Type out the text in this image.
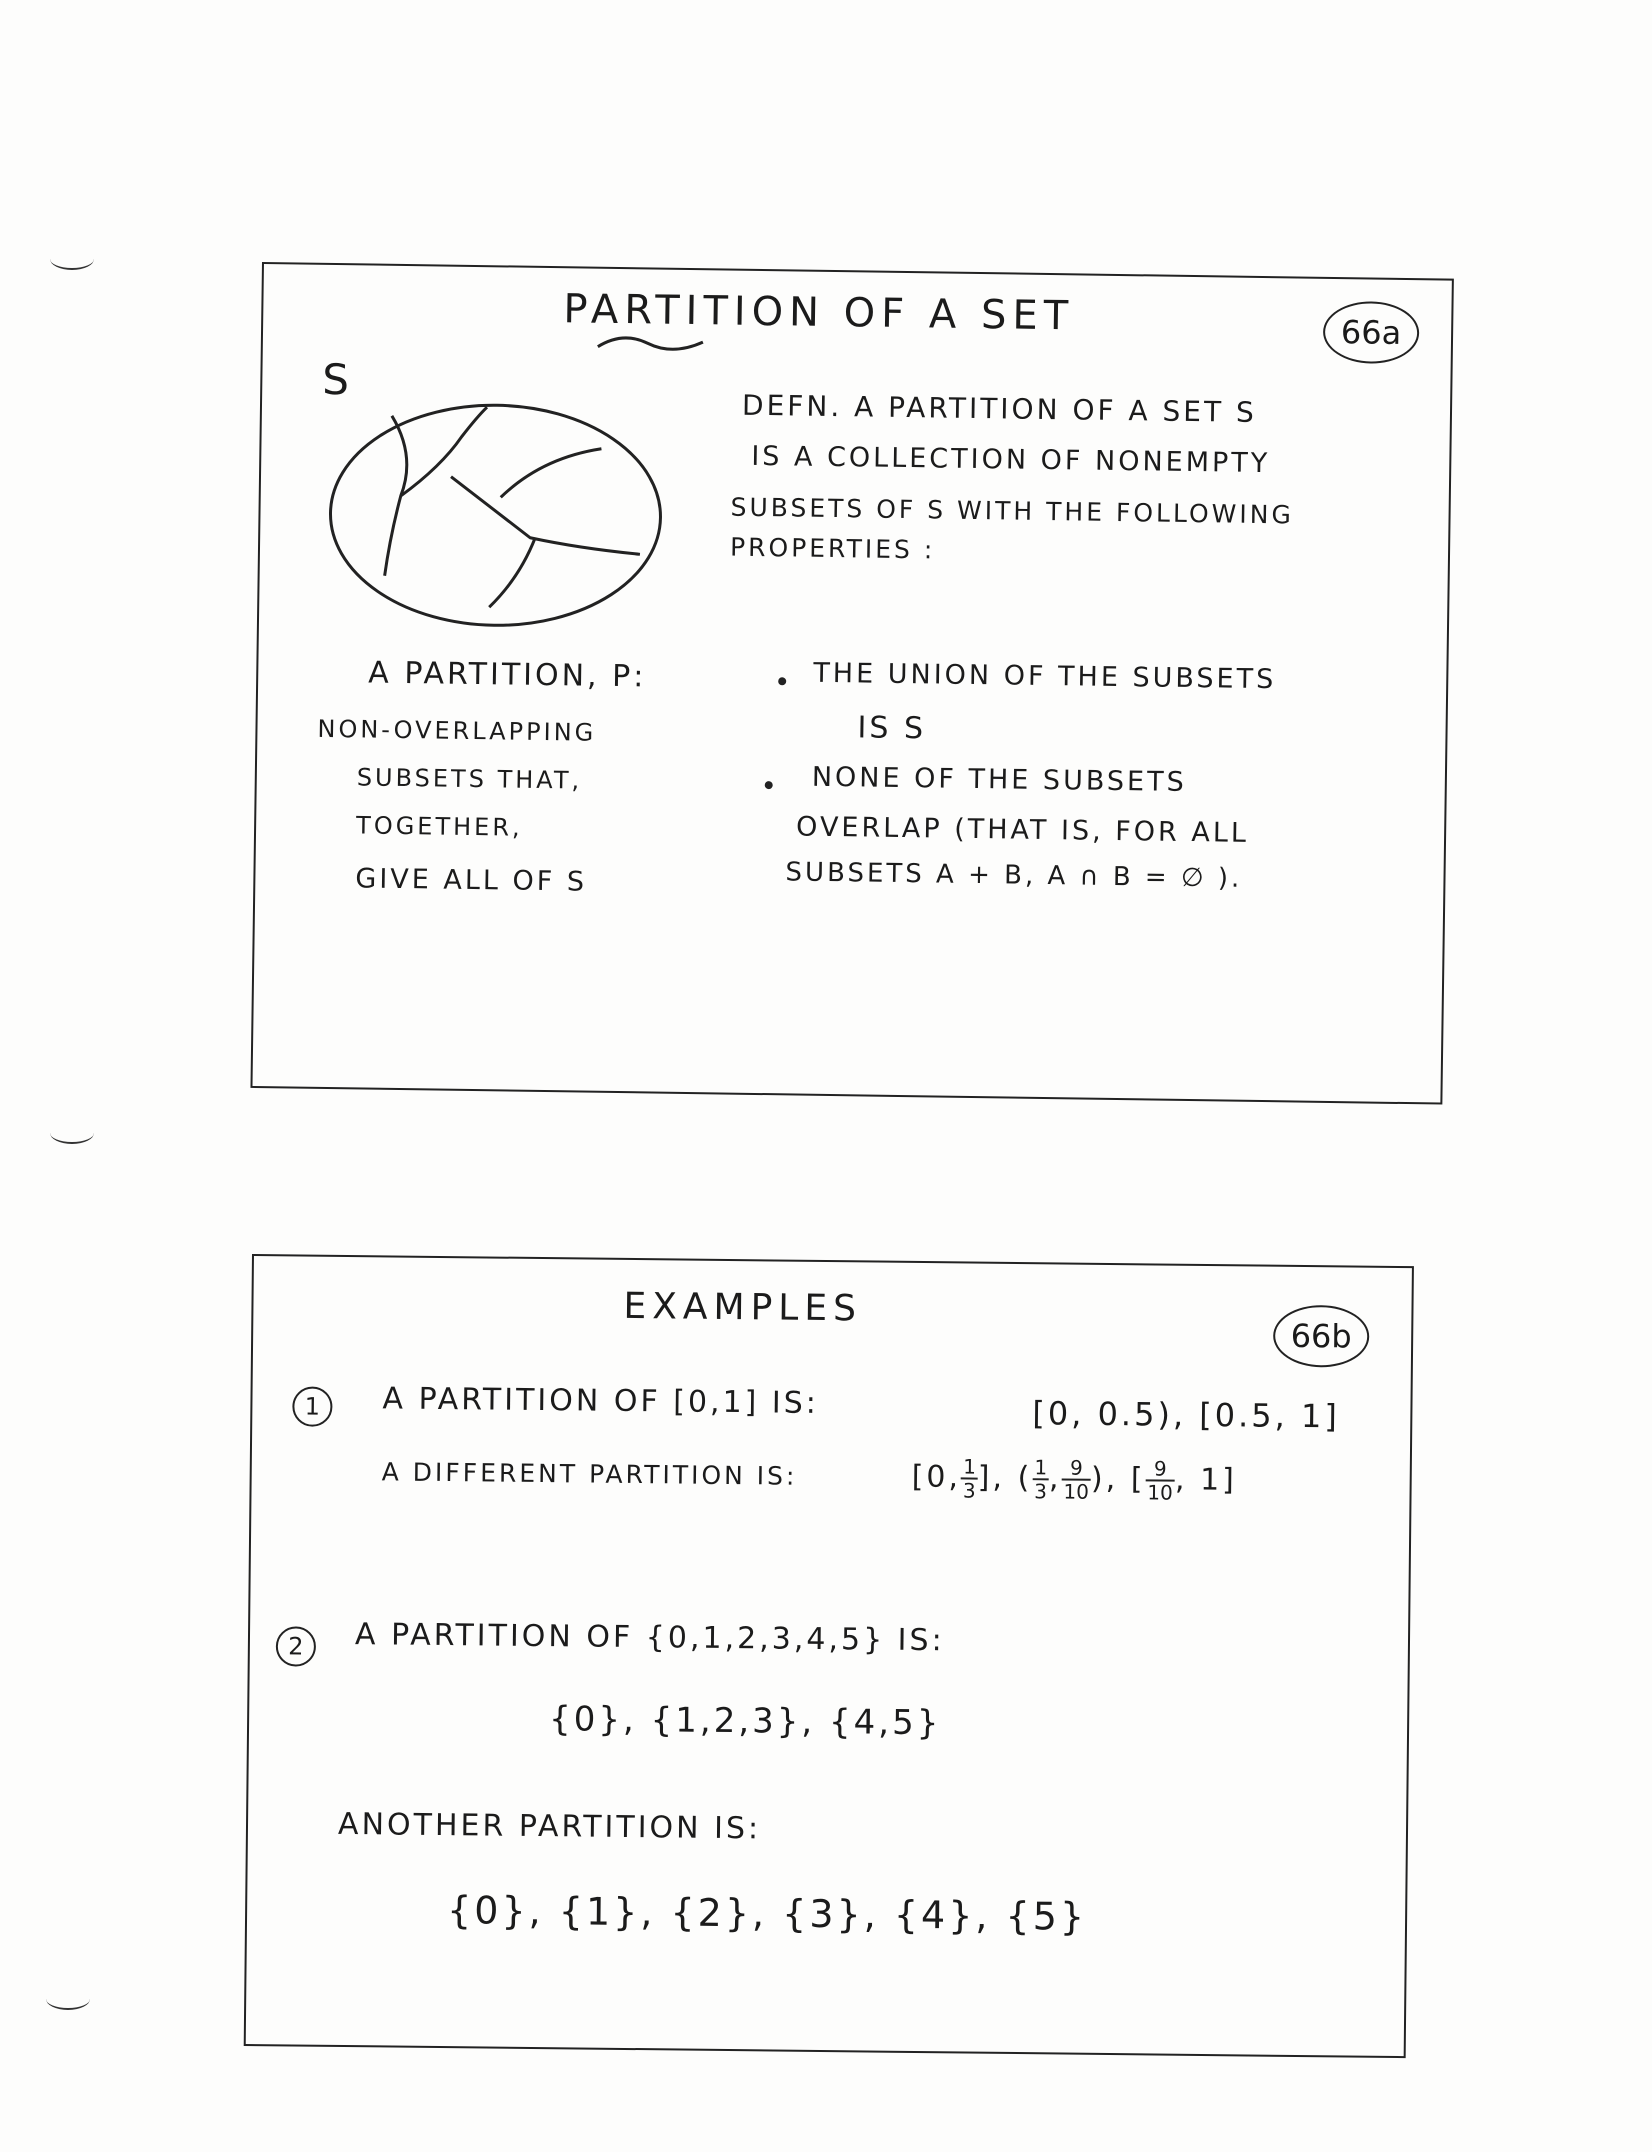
PARTITION OF A SET	66a
S
A PARTITION, P:
NON-OVERLAPPING
SUBSETS THAT,
TOGETHER,
GIVE ALL OF S
DEFN. A PARTITION OF A SET S
IS A COLLECTION OF NONEMPTY
SUBSETS OF S WITH THE FOLLOWING
PROPERTIES :
THE UNION OF THE SUBSETS
IS S
NONE OF THE SUBSETS
OVERLAP (THAT IS, FOR ALL
SUBSETS A + B, A ∩ B = ∅ ).
EXAMPLES
66b
1	A PARTITION OF [0,1] IS:	[0, 0.5), [0.5, 1]
A DIFFERENT PARTITION IS:	[0, $\frac{1}{3}$ ], ( $\frac{1}{3}$ , $\frac{9}{10}$ ), [ $\frac{9}{10}$ , 1]
2	A PARTITION OF {0,1,2,3,4,5} IS:
{0}, {1,2,3}, {4,5}
ANOTHER PARTITION IS:
{0}, {1}, {2}, {3}, {4}, {5}
